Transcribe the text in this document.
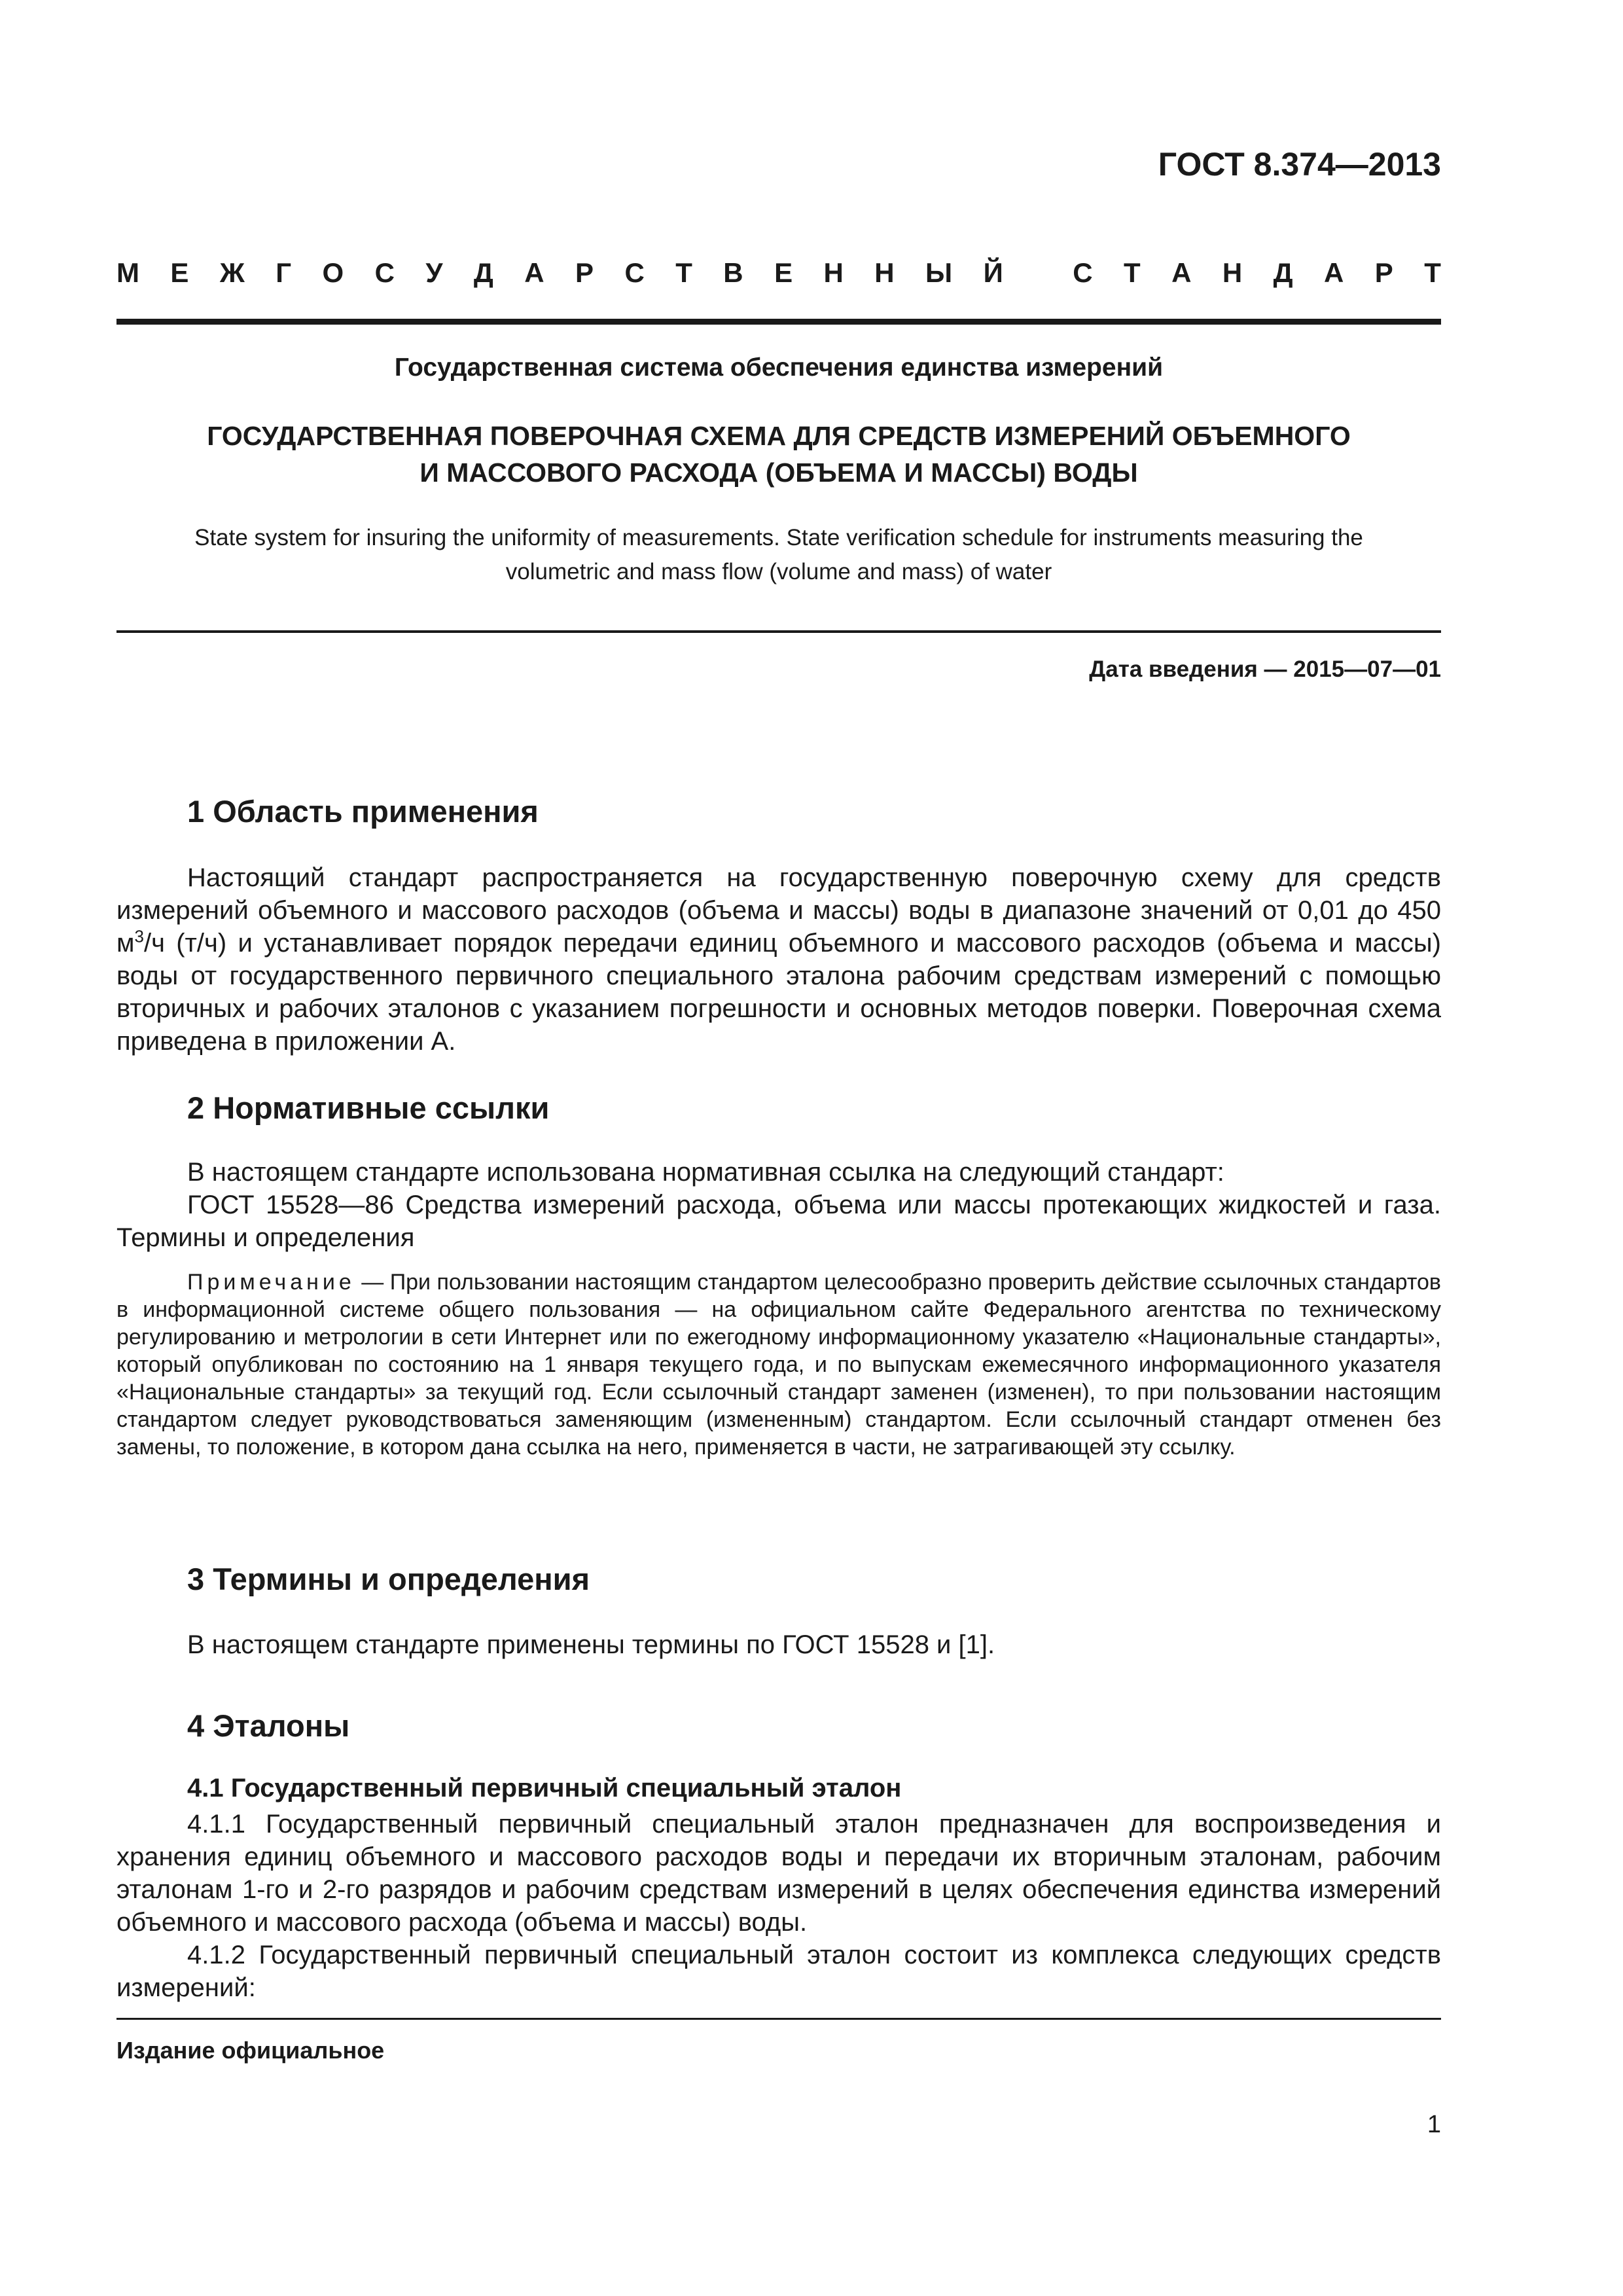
ГОСТ 8.374—2013
М Е Ж Г О С У Д А Р С Т В Е Н Н Ы Й
	С Т А Н Д А Р Т
Государственная система обеспечения единства измерений
ГОСУДАРСТВЕННАЯ ПОВЕРОЧНАЯ СХЕМА ДЛЯ СРЕДСТВ ИЗМЕРЕНИЙ ОБЪЕМНОГО
И МАССОВОГО РАСХОДА (ОБЪЕМА И МАССЫ) ВОДЫ
State system for insuring the uniformity of measurements. State verification schedule for instruments measuring the
volumetric and mass flow (volume and mass) of water
Дата введения — 2015—07—01
1 Область применения

Настоящий стандарт распространяется на государственную поверочную схему для средств измерений объемного и массового расходов (объема и массы) воды в диапазоне значений от 0,01 до 450 $м^3/ч$ (т/ч) и устанавливает порядок передачи единиц объемного и массового расходов (объема и массы) воды от государственного первичного специального эталона рабочим средствам измерений с помощью вторичных и рабочих эталонов с указанием погрешности и основных методов поверки. Поверочная схема приведена в приложении А.

2 Нормативные ссылки

В настоящем стандарте использована нормативная ссылка на следующий стандарт:

ГОСТ 15528—86 Средства измерений расхода, объема или массы протекающих жидкостей и газа. Термины и определения

Примечание — При пользовании настоящим стандартом целесообразно проверить действие ссылочных стандартов в информационной системе общего пользования — на официальном сайте Федерального агентства по техническому регулированию и метрологии в сети Интернет или по ежегодному информационному указателю «Национальные стандарты», который опубликован по состоянию на 1 января текущего года, и по выпускам ежемесячного информационного указателя «Национальные стандарты» за текущий год. Если ссылочный стандарт заменен (изменен), то при пользовании настоящим стандартом следует руководствоваться заменяющим (измененным) стандартом. Если ссылочный стандарт отменен без замены, то положение, в котором дана ссылка на него, применяется в части, не затрагивающей эту ссылку.

3 Термины и определения

В настоящем стандарте применены термины по ГОСТ 15528 и [1].

4 Эталоны
4.1 Государственный первичный специальный эталон

4.1.1 Государственный первичный специальный эталон предназначен для воспроизведения и хранения единиц объемного и массового расходов воды и передачи их вторичным эталонам, рабочим эталонам 1-го и 2-го разрядов и рабочим средствам измерений в целях обеспечения единства измерений объемного и массового расхода (объема и массы) воды.

4.1.2 Государственный первичный специальный эталон состоит из комплекса следующих средств измерений:

Издание официальное
1
